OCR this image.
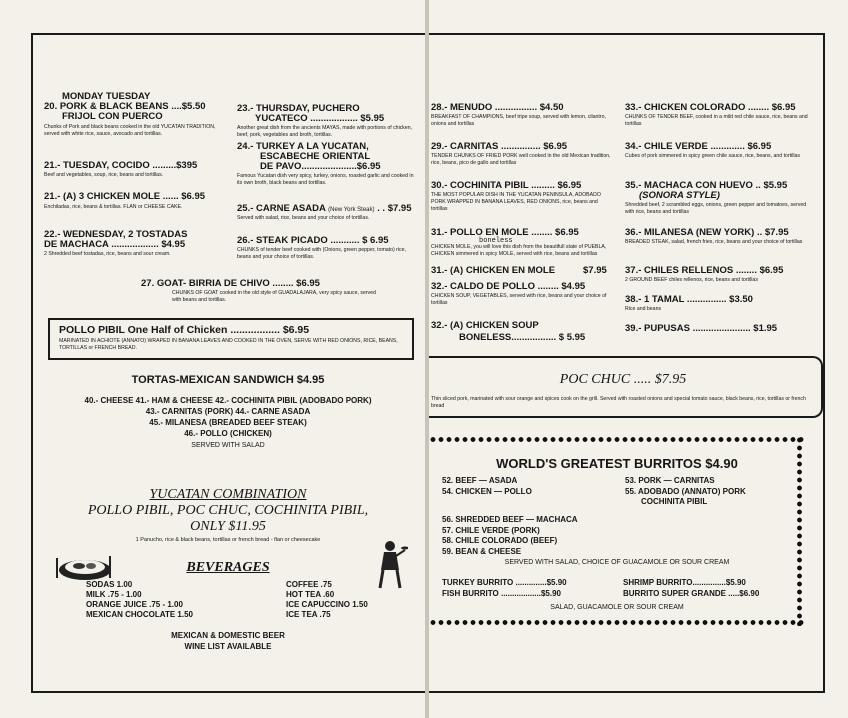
MONDAY TUESDAY
20. PORK & BLACK BEANS ....$5.50
FRIJOL CON PUERCO
Chunks of Pork and black beans cooked in the old YUCATAN TRADITION, served with white rice, sauce, avocado and tortillas.
21.- TUESDAY, COCIDO .........$395
Beef and vegetables, soup, rice, beans and tortillas.
21.- (A) 3 CHICKEN MOLE ...... $6.95
Enchiladas, rice, beans & tortillas. FLAN or CHEESE CAKE.
22.- WEDNESDAY, 2 TOSTADAS
DE MACHACA .................. $4.95
2 Shredded beef tostadas, rice, beans and sour cream.
23.- THURSDAY, PUCHERO
YUCATECO .................. $5.95
Another great dish from the ancients MAYAS, made with portions of chicken, beef, pork, vegetables and broth, tortillas.
24.- TURKEY A LA YUCATAN,
ESCABECHE ORIENTAL
DE PAVO.....................$6.95
Famous Yucatan dish very spicy, turkey, onions, roasted garlic and cooked in its own broth, black beans and tortillas.
25.- CARNE ASADA (New York Steak) . . $7.95
Served with salad, rice, beans and your choice of tortillas.
26.- STEAK PICADO ........... $ 6.95
CHUNKS of tender beef cooked with (Onions, green pepper, tomato) rice, beans and your choice of tortillas.
27. GOAT- BIRRIA DE CHIVO ........ $6.95
CHUNKS OF GOAT cooked in the old style of GUADALAJARA, very spicy sauce, served with beans and tortillas.
POLLO PIBIL One Half of Chicken ................. $6.95
MARINATED IN ACHIOTE (ANNATO) WRAPED IN BANANA LEAVES AND COOKED IN THE OVEN, SERVE WITH RED ONIONS, RICE, BEANS, TORTILLAS or FRENCH BREAD.
TORTAS-MEXICAN SANDWICH $4.95
40.- CHEESE 41.- HAM & CHEESE 42.- COCHINITA PIBIL (ADOBADO PORK)
43.- CARNITAS (PORK) 44.- CARNE ASADA
45.- MILANESA (BREADED BEEF STEAK)
46.- POLLO (CHICKEN)
SERVED WITH SALAD
YUCATAN COMBINATION
POLLO PIBIL, POC CHUC, COCHINITA PIBIL,
ONLY $11.95
1 Panucho, rice & black beans, tortillas or french bread - flan or cheesecake
BEVERAGES
SODAS 1.00
MILK .75 - 1.00
ORANGE JUICE .75 - 1.00
MEXICAN CHOCOLATE 1.50
COFFEE .75
HOT TEA .60
ICE CAPUCCINO 1.50
ICE TEA .75
MEXICAN & DOMESTIC BEER
WINE LIST AVAILABLE
28.- MENUDO ................ $4.50
BREAKFAST OF CHAMPIONS, beef tripe soup, served with lemon, cilantro, onions and tortillas
29.- CARNITAS ............... $6.95
TENDER CHUNKS OF FRIED PORK well cooked in the old Mexican tradition, rice, beans, pico de gallo and tortillas
30.- COCHINITA PIBIL ......... $6.95
THE MOST POPULAR DISH IN THE YUCATAN PENINSULA, ADOBADO PORK WRAPPED IN BANANA LEAVES, RED ONIONS, rice, beans and tortillas
31.- POLLO EN MOLE ........ $6.95
boneless
CHICKEN MOLE, you will love this dish from the beautifull state of PUEBLA, CHICKEN simmered in spicy MOLE, served with rice, beans and tortillas
31.- (A) CHICKEN EN MOLE	$7.95
32.- CALDO DE POLLO ........ $4.95
CHICKEN SOUP, VEGETABLES, served with rice, beans and your choice of tortillas
32.- (A) CHICKEN SOUP
BONELESS................. $ 5.95
33.- CHICKEN COLORADO ........ $6.95
CHUNKS OF TENDER BEEF, cooked in a mild red chile sauce, rice, beans and tortillas
34.- CHILE VERDE ............. $6.95
Cubes of pork simmered in spicy green chile sauce, rice, beans, and tortillas
35.- MACHACA CON HUEVO .. $5.95
(SONORA STYLE)
Shredded beef, 2 scrambled eggs, onions, green pepper and tomatoes, served with rice, beans and tortillas
36.- MILANESA (NEW YORK) .. $7.95
BREADED STEAK, salad, french fries, rice, beans and your choice of tortillas
37.- CHILES RELLENOS ........ $6.95
2 GROUND BEEF chiles rellenos, rice, beans and tortillas
38.- 1 TAMAL ............... $3.50
Rice and beans
39.- PUPUSAS ...................... $1.95
POC CHUC ..... $7.95
Thin sliced pork, marinated with sour orange and spices cook on the grill. Served with roasted onions and special tomato sauce, black beans, rice, tortillas or french bread
WORLD'S GREATEST BURRITOS $4.90
52. BEEF — ASADA
54. CHICKEN — POLLO
53. PORK — CARNITAS
55. ADOBADO (ANNATO) PORK
COCHINITA PIBIL
56. SHREDDED BEEF — MACHACA
57. CHILE VERDE (PORK)
58. CHILE COLORADO (BEEF)
59. BEAN & CHEESE
SERVED WITH SALAD, CHOICE OF GUACAMOLE OR SOUR CREAM
TURKEY BURRITO ..............$5.90
FISH BURRITO ..................$5.90
SHRIMP BURRITO...............$5.90
BURRITO SUPER GRANDE .....$6.90
SALAD, GUACAMOLE OR SOUR CREAM
